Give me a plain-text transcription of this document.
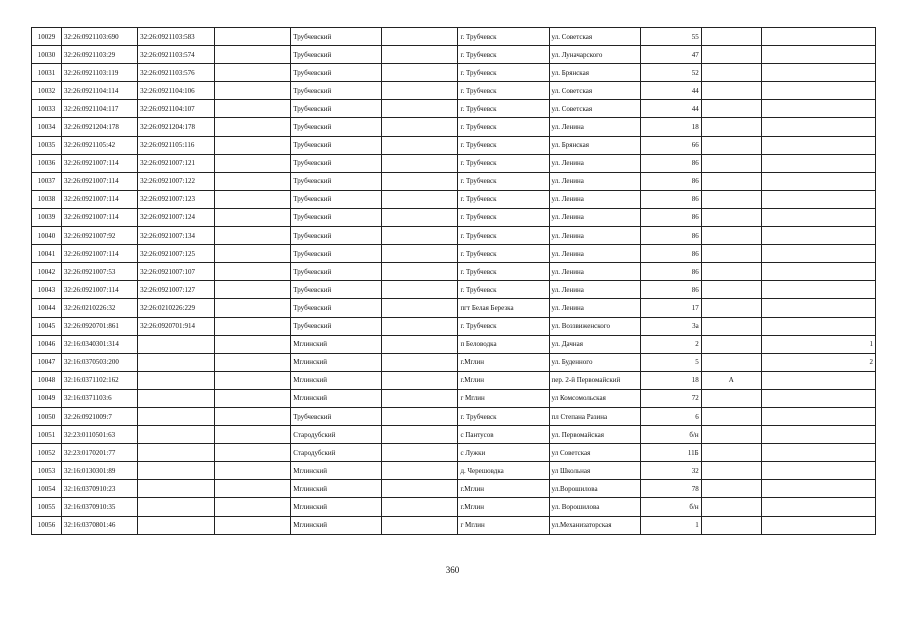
10029	32:26:0921103:690	32:26:0921103:583		Трубчевский		г. Трубчевск	ул. Советская	55		
10030	32:26:0921103:29	32:26:0921103:574		Трубчевский		г. Трубчевск	ул. Луначарского	47		
10031	32:26:0921103:119	32:26:0921103:576		Трубчевский		г. Трубчевск	ул. Брянская	52		
10032	32:26:0921104:114	32:26:0921104:106		Трубчевский		г. Трубчевск	ул. Советская	44		
10033	32:26:0921104:117	32:26:0921104:107		Трубчевский		г. Трубчевск	ул. Советская	44		
10034	32:26:0921204:178	32:26:0921204:178		Трубчевский		г. Трубчевск	ул. Ленина	18		
10035	32:26:0921105:42	32:26:0921105:116		Трубчевский		г. Трубчевск	ул. Брянская	66		
10036	32:26:0921007:114	32:26:0921007:121		Трубчевский		г. Трубчевск	ул. Ленина	86		
10037	32:26:0921007:114	32:26:0921007:122		Трубчевский		г. Трубчевск	ул. Ленина	86		
10038	32:26:0921007:114	32:26:0921007:123		Трубчевский		г. Трубчевск	ул. Ленина	86		
10039	32:26:0921007:114	32:26:0921007:124		Трубчевский		г. Трубчевск	ул. Ленина	86		
10040	32:26:0921007:92	32:26:0921007:134		Трубчевский		г. Трубчевск	ул. Ленина	86		
10041	32:26:0921007:114	32:26:0921007:125		Трубчевский		г. Трубчевск	ул. Ленина	86		
10042	32:26:0921007:53	32:26:0921007:107		Трубчевский		г. Трубчевск	ул. Ленина	86		
10043	32:26:0921007:114	32:26:0921007:127		Трубчевский		г. Трубчевск	ул. Ленина	86		
10044	32:26:0210226:32	32:26:0210226:229		Трубчевский		пгт Белая Березка	ул. Ленина	17		
10045	32:26:0920701:861	32:26:0920701:914		Трубчевский		г. Трубчевск	ул. Воззвиженского	3а		
10046	32:16:0340301:314			Мглинский		п Беловодка	ул. Дачная	2		1
10047	32:16:0370503:200			Мглинский		г.Мглин	ул. Буденного	5		2
10048	32:16:0371102:162			Мглинский		г.Мглин	пер. 2-й Первомайский	18	А	
10049	32:16:0371103:6			Мглинский		г Мглин	ул Комсомольская	72		
10050	32:26:0921009:7			Трубчевский		г. Трубчевск	пл Степана Разина	6		
10051	32:23:0110501:63			Стародубский		с Пантусов	ул. Первомайская	б/н		
10052	32:23:0170201:77			Стародубский		с Лужки	ул Советская	11Б		
10053	32:16:0130301:89			Мглинский		д. Черешовдка	ул Школьная	32		
10054	32:16:0370910:23			Мглинский		г.Мглин	ул.Ворошилова	78		
10055	32:16:0370910:35			Мглинский		г.Мглин	ул. Ворошилова	б/н		
10056	32:16:0370801:46			Мглинский		г Мглин	ул.Механизаторская	1		
360
